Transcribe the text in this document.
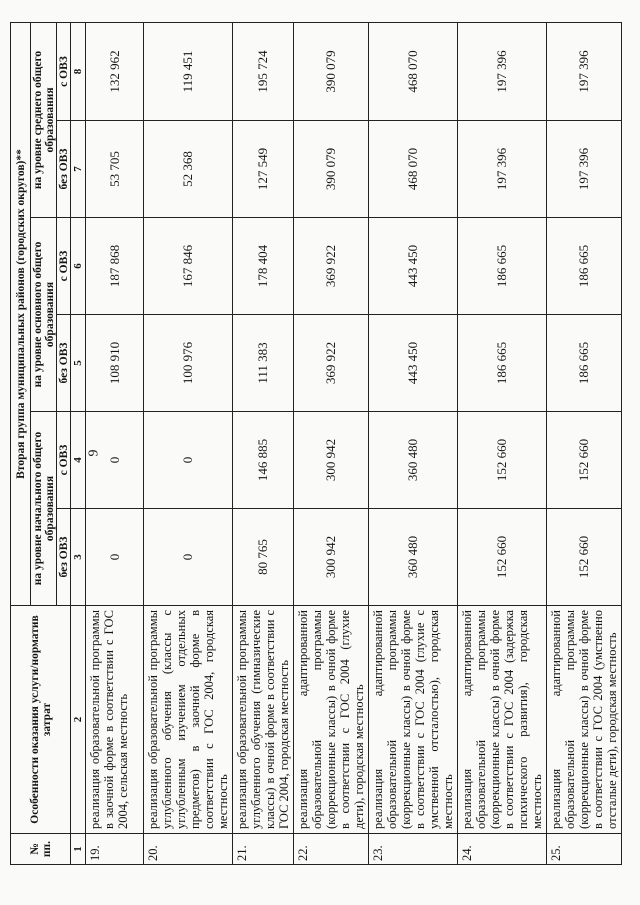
9
№
пп.	Особенности оказания услуги/норматив затрат	Вторая группа муниципальных районов (городских округов)**					
		на уровне начального общего образования		на уровне основного общего образования		на уровне среднего общего образования	
		без ОВЗ	с ОВЗ	без ОВЗ	с ОВЗ	без ОВЗ	с ОВЗ
1	2	3	4	5	6	7	8
19.	реализация образовательной программы в заочной форме в соответствии с ГОС 2004, сельская местность	0	0	108 910	187 868	53 705	132 962
20.	реализация образовательной программы углубленного обучения (классы с углубленным изучением отдельных предметов) в заочной форме в соответствии с ГОС 2004, городская местность	0	0	100 976	167 846	52 368	119 451
21.	реализация образовательной программы углубленного обучения (гимназические классы) в очной форме в соответствии с ГОС 2004, городская местность	80 765	146 885	111 383	178 404	127 549	195 724
22.	реализация адаптированной образовательной программы (коррекционные классы) в очной форме в соответствии с ГОС 2004 (глухие дети), городская местность	300 942	300 942	369 922	369 922	390 079	390 079
23.	реализация адаптированной образовательной программы (коррекционные классы) в очной форме в соответствии с ГОС 2004 (глухие с умственной отсталостью), городская местность	360 480	360 480	443 450	443 450	468 070	468 070
24.	реализация адаптированной образовательной программы (коррекционные классы) в очной форме в соответствии с ГОС 2004 (задержка психического развития), городская местность	152 660	152 660	186 665	186 665	197 396	197 396
25.	реализация адаптированной образовательной программы (коррекционные классы) в очной форме в соответствии с ГОС 2004 (умственно отсталые дети), городская местность	152 660	152 660	186 665	186 665	197 396	197 396
